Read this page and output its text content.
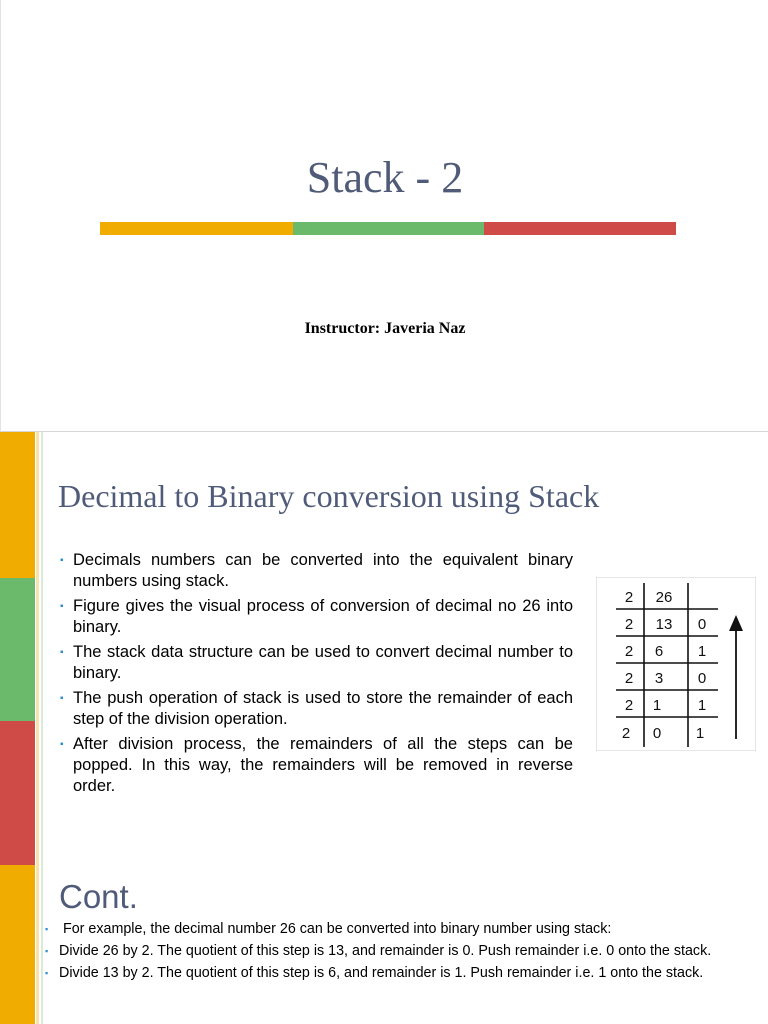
Stack - 2
Instructor: Javeria Naz
Decimal to Binary conversion using Stack
▪ Decimals numbers can be converted into the equivalent binary numbers using stack.
▪ Figure gives the visual process of conversion of decimal no 26 into binary.
▪ The stack data structure can be used to convert decimal number to binary.
▪ The push operation of stack is used to store the remainder of each step of the division operation.
▪ After division process, the remainders of all the steps can be popped. In this way, the remainders will be removed in reverse order.
2 26
2 13 0
2 6 1
2 3 0
2 1 1
2 0 1
Cont.
▪ For example, the decimal number 26 can be converted into binary number using stack:
▪ Divide 26 by 2. The quotient of this step is 13, and remainder is 0. Push remainder i.e. 0 onto the stack.
▪ Divide 13 by 2. The quotient of this step is 6, and remainder is 1. Push remainder i.e. 1 onto the stack.
